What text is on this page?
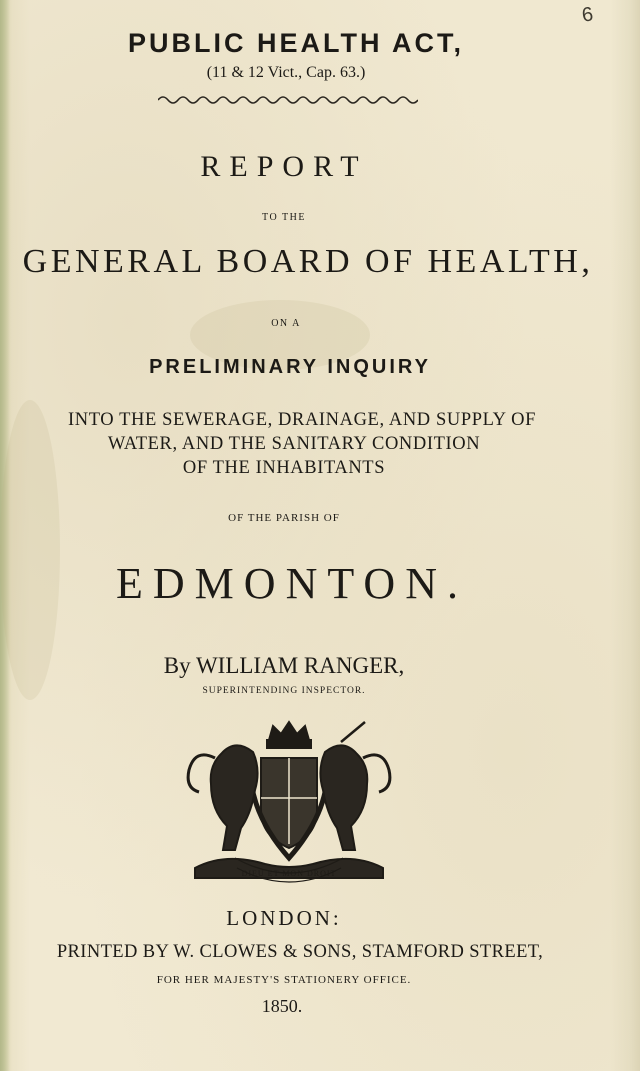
PUBLIC HEALTH ACT,
6
(11 & 12 Vict., Cap. 63.)
REPORT
TO THE
GENERAL BOARD OF HEALTH,
ON A
PRELIMINARY INQUIRY
INTO THE SEWERAGE, DRAINAGE, AND SUPPLY OF
WATER, AND THE SANITARY CONDITION
OF THE INHABITANTS
OF THE PARISH OF
EDMONTON.
By WILLIAM RANGER,
SUPERINTENDING INSPECTOR.
DIEU ET MON DROIT
LONDON:
PRINTED BY W. CLOWES & SONS, STAMFORD STREET,
FOR HER MAJESTY'S STATIONERY OFFICE.
1850.
